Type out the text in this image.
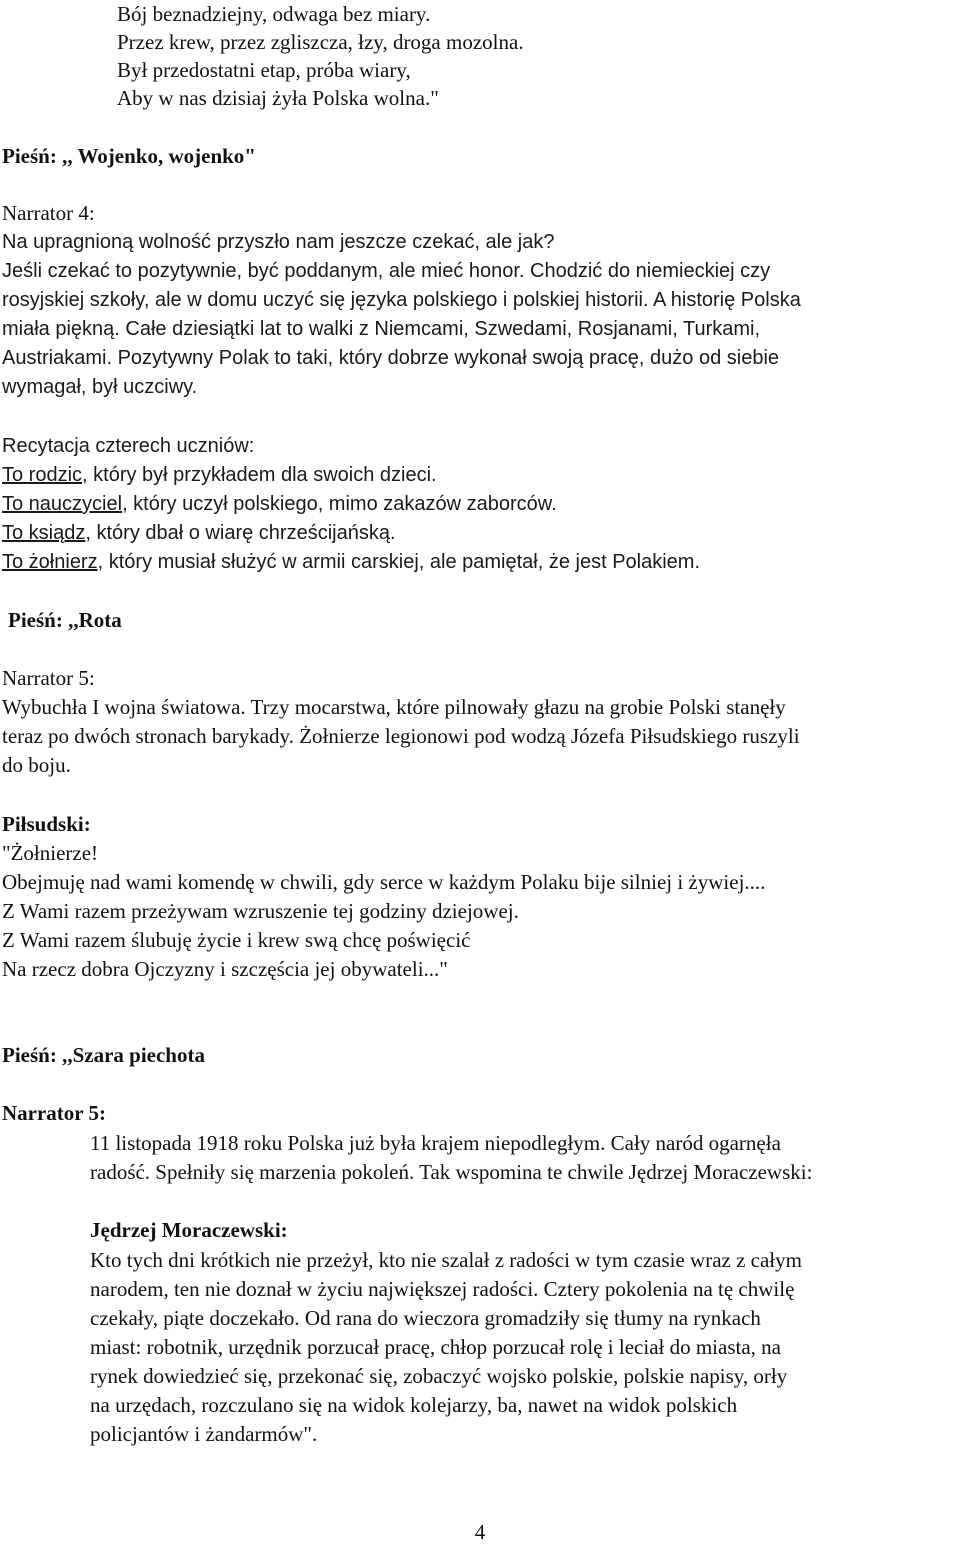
Bój beznadziejny, odwaga bez miary.
Przez krew, przez zgliszcza, łzy, droga mozolna.
Był przedostatni etap, próba wiary,
Aby w nas dzisiaj żyła Polska wolna."
Pieśń: ,, Wojenko, wojenko"
Narrator 4:
Na upragnioną wolność przyszło nam jeszcze czekać, ale jak?
Jeśli czekać to pozytywnie, być poddanym, ale mieć honor. Chodzić do niemieckiej czy
rosyjskiej szkoły, ale w domu uczyć się języka polskiego i polskiej historii. A historię Polska
miała piękną. Całe dziesiątki lat to walki z Niemcami, Szwedami, Rosjanami, Turkami,
Austriakami. Pozytywny Polak to taki, który dobrze wykonał swoją pracę, dużo od siebie
wymagał, był uczciwy.
Recytacja czterech uczniów:
To rodzic, który był przykładem dla swoich dzieci.
To nauczyciel, który uczył polskiego, mimo zakazów zaborców.
To ksiądz, który dbał o wiarę chrześcijańską.
To żołnierz, który musiał służyć w armii carskiej, ale pamiętał, że jest Polakiem.
Pieśń: ,,Rota
Narrator 5:
Wybuchła I wojna światowa. Trzy mocarstwa, które pilnowały głazu na grobie Polski stanęły
teraz po dwóch stronach barykady. Żołnierze legionowi pod wodzą Józefa Piłsudskiego ruszyli
do boju.
Piłsudski:
"Żołnierze!
Obejmuję nad wami komendę w chwili, gdy serce w każdym Polaku bije silniej i żywiej....
Z Wami razem przeżywam wzruszenie tej godziny dziejowej.
Z Wami razem ślubuję życie i krew swą chcę poświęcić
Na rzecz dobra Ojczyzny i szczęścia jej obywateli..."
Pieśń: ,,Szara piechota
Narrator 5:
11 listopada 1918 roku Polska już była krajem niepodległym. Cały naród ogarnęła
radość. Spełniły się marzenia pokoleń. Tak wspomina te chwile Jędrzej Moraczewski:
Jędrzej Moraczewski:
Kto tych dni krótkich nie przeżył, kto nie szalał z radości w tym czasie wraz z całym
narodem, ten nie doznał w życiu największej radości. Cztery pokolenia na tę chwilę
czekały, piąte doczekało. Od rana do wieczora gromadziły się tłumy na rynkach
miast: robotnik, urzędnik porzucał pracę, chłop porzucał rolę i leciał do miasta, na
rynek dowiedzieć się, przekonać się, zobaczyć wojsko polskie, polskie napisy, orły
na urzędach, rozczulano się na widok kolejarzy, ba, nawet na widok polskich
policjantów i żandarmów".
4
